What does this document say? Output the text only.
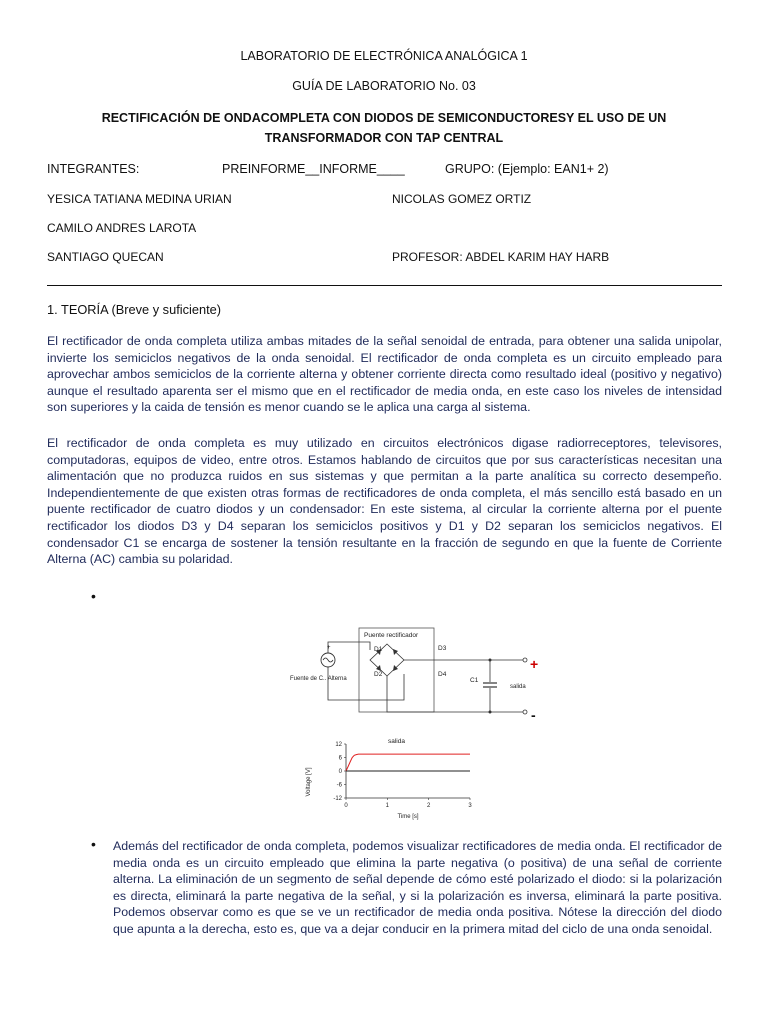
LABORATORIO DE ELECTRÓNICA ANALÓGICA 1
GUÍA DE LABORATORIO No. 03
RECTIFICACIÓN DE ONDACOMPLETA CON DIODOS DE SEMICONDUCTORESY EL USO DE UN
TRANSFORMADOR CON TAP CENTRAL
INTEGRANTES:	PREINFORME__INFORME____	GRUPO: (Ejemplo: EAN1+ 2)
YESICA TATIANA MEDINA URIAN	NICOLAS GOMEZ ORTIZ
CAMILO ANDRES LAROTA
SANTIAGO QUECAN	PROFESOR: ABDEL KARIM HAY HARB
1. TEORÍA (Breve y suficiente)

El rectificador de onda completa utiliza ambas mitades de la señal senoidal de entrada, para obtener una salida unipolar, invierte los semiciclos negativos de la onda senoidal. El rectificador de onda completa es un circuito empleado para aprovechar ambos semiciclos de la corriente alterna y obtener corriente directa como resultado ideal (positivo y negativo) aunque el resultado aparenta ser el mismo que en el rectificador de media onda, en este caso los niveles de intensidad son superiores y la caida de tensión es menor cuando se le aplica una carga al sistema.

El rectificador de onda completa es muy utilizado en circuitos electrónicos digase radiorreceptores, televisores, computadoras, equipos de video, entre otros. Estamos hablando de circuitos que por sus características necesitan una alimentación que no produzca ruidos en sus sistemas y que permitan a la parte analítica su correcto desempeño. Independientemente de que existen otras formas de rectificadores de onda completa, el más sencillo está basado en un puente rectificador de cuatro diodos y un condensador: En este sistema, al circular la corriente alterna por el puente rectificador los diodos D3 y D4 separan los semiciclos positivos y D1 y D2 separan los semiciclos negativos. El condensador C1 se encarga de sostener la tensión resultante en la fracción de segundo en que la fuente de Corriente Alterna (AC) cambia su polaridad.

•
Puente rectificador
+
Fuente de C.. Alterna
D1	D3
D2	D4
C1
salida
+
-
salida
Voltage [V]
Time [s]
12
6
0
-6
-12
0	1	2	3
• Además del rectificador de onda completa, podemos visualizar rectificadores de media onda. El rectificador de media onda es un circuito empleado que elimina la parte negativa (o positiva) de una señal de corriente alterna. La eliminación de un segmento de señal depende de cómo esté polarizado el diodo: si la polarización es directa, eliminará la parte negativa de la señal, y si la polarización es inversa, eliminará la parte positiva. Podemos observar como es que se ve un rectificador de media onda positiva. Nótese la dirección del diodo que apunta a la derecha, esto es, que va a dejar conducir en la primera mitad del ciclo de una onda senoidal.
